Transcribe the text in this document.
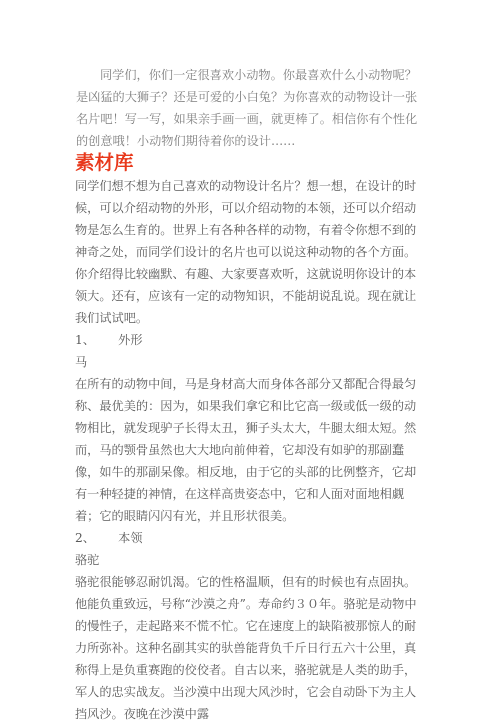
同学们，你们一定很喜欢小动物。你最喜欢什么小动物呢？是凶猛的大狮子？还是可爱的小白兔？为你喜欢的动物设计一张名片吧！写一写，如果亲手画一画，就更棒了。相信你有个性化的创意哦！小动物们期待着你的设计……

素材库

同学们想不想为自己喜欢的动物设计名片？想一想，在设计的时候，可以介绍动物的外形，可以介绍动物的本领，还可以介绍动物是怎么生育的。世界上有各种各样的动物，有着令你想不到的神奇之处，而同学们设计的名片也可以说这种动物的各个方面。你介绍得比较幽默、有趣、大家要喜欢听，这就说明你设计的本领大。还有，应该有一定的动物知识，不能胡说乱说。现在就让我们试试吧。

1、      外形

马

在所有的动物中间，马是身材高大而身体各部分又都配合得最匀称、最优美的：因为，如果我们拿它和比它高一级或低一级的动物相比，就发现驴子长得太丑，狮子头太大，牛腿太细太短。然而，马的颚骨虽然也大大地向前伸着，它却没有如驴的那副蠢像，如牛的那副呆像。相反地，由于它的头部的比例整齐，它却有一种轻捷的神情，在这样高贵姿态中，它和人面对面地相觑着；它的眼睛闪闪有光，并且形状很美。

2、      本领

骆驼

骆驼很能够忍耐饥渴。它的性格温顺，但有的时候也有点固执。他能负重致远，号称“沙漠之舟”。寿命约３０年。骆驼是动物中的慢性子，走起路来不慌不忙。它在速度上的缺陷被那惊人的耐力所弥补。这种名副其实的驮兽能背负千斤日行五六十公里，真称得上是负重赛跑的佼佼者。自古以来，骆驼就是人类的助手，军人的忠实战友。当沙漠中出现大风沙时，它会自动卧下为主人挡风沙。夜晚在沙漠中露
